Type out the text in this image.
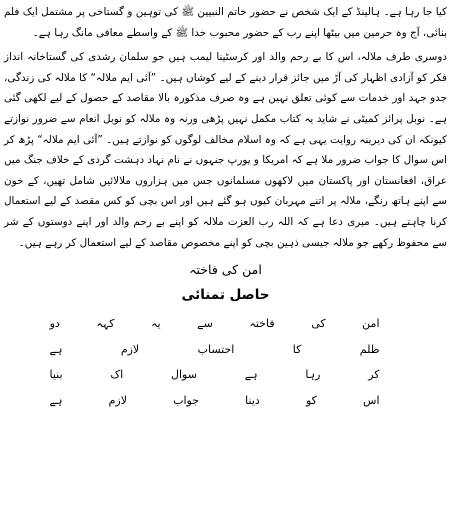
کیا جا رہا ہے۔ ہالینڈ کے ایک شخص نے حضور خاتم النبیین ﷺ کی توہین و گستاخی پر مشتمل ایک فلم بنائی، آج وہ حرمین میں بیٹھا اپنے رب کے حضور محبوب خدا ﷺ کے واسطے معافی مانگ رہا ہے۔

دوسری طرف ملالہ، اس کا بے رحم والد اور کرسٹینا لیمب ہیں جو سلمان رشدی کی گستاخانہ انداز فکر کو آزادی اظہار کی آڑ میں جائز قرار دینے کے لیے کوشاں ہیں۔ ”آئی ایم ملالہ“ کا ملالہ کی زندگی، جدو جہد اور خدمات سے کوئی تعلق نہیں ہے وہ صرف مذکورہ بالا مقاصد کے حصول کے لیے لکھی گئی ہے۔ نوبل پرائز کمیٹی نے شاید یہ کتاب مکمل نہیں پڑھی ورنہ وہ ملالہ کو نوبل انعام سے ضرور نوازتے کیونکہ ان کی دیرینہ روایت یہی ہے کہ وہ اسلام مخالف لوگوں کو نوازتے ہیں۔ ”آئی ایم ملالہ“ پڑھ کر اس سوال کا جواب ضرور ملا ہے کہ امریکا و یورپ جنہوں نے نام نہاد دہشت گردی کے خلاف جنگ میں عراق، افغانستان اور پاکستان میں لاکھوں مسلمانوں جس میں ہزاروں ملالائیں شامل تھیں، کے خون سے اپنے ہاتھ رنگے، ملالہ پر اتنے مہربان کیوں ہو گئے ہیں اور اس بچی کو کس مقصد کے لیے استعمال کرنا چاہتے ہیں۔ میری دعا ہے کہ اللہ رب العزت ملالہ کو اپنے بے رحم والد اور اپنے دوستوں کے شر سے محفوظ رکھے جو ملالہ جیسی ذہین بچی کو اپنے مخصوص مقاصد کے لیے استعمال کر رہے ہیں۔

امن کی فاختہ
حاصل تمنائی
امن
کی
فاختہ
سے
یہ
کہہ
دو
ظلم
کا
احتساب
لازم
ہے
کر
رہا
ہے
سوال
اک
بنیا
اس
کو
دینا
جواب
لازم
ہے
